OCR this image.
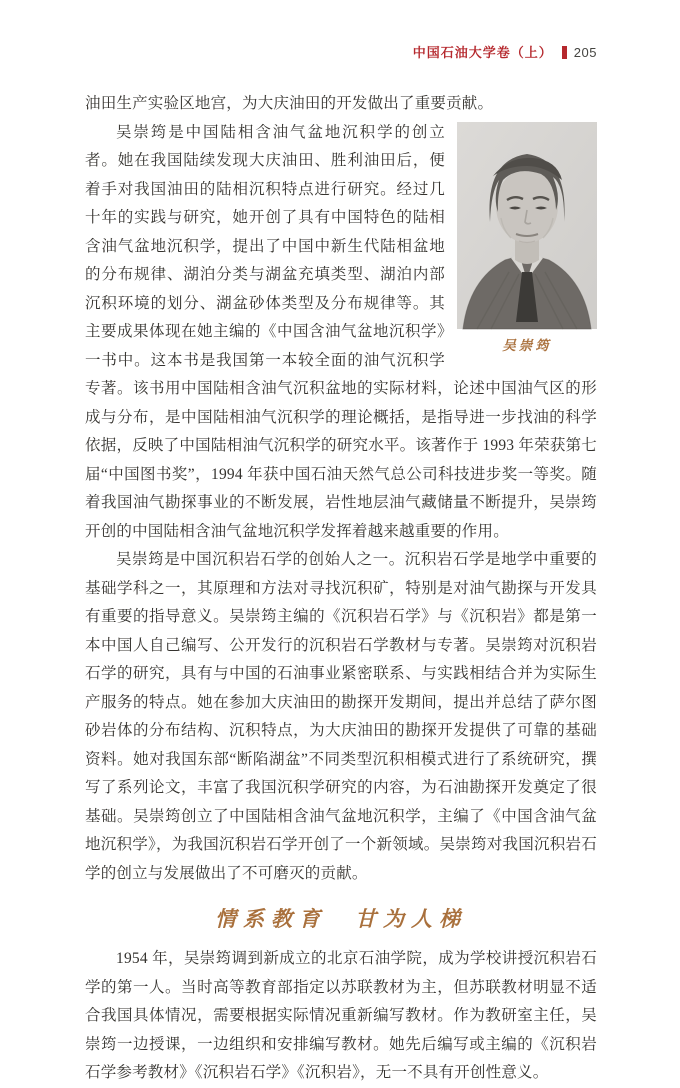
中国石油大学卷（上） 205

油田生产实验区地宫，为大庆油田的开发做出了重要贡献。

吴崇筠

吴崇筠是中国陆相含油气盆地沉积学的创立者。她在我国陆续发现大庆油田、胜利油田后，便着手对我国油田的陆相沉积特点进行研究。经过几十年的实践与研究，她开创了具有中国特色的陆相含油气盆地沉积学，提出了中国中新生代陆相盆地的分布规律、湖泊分类与湖盆充填类型、湖泊内部沉积环境的划分、湖盆砂体类型及分布规律等。其主要成果体现在她主编的《中国含油气盆地沉积学》一书中。这本书是我国第一本较全面的油气沉积学专著。该书用中国陆相含油气沉积盆地的实际材料，论述中国油气区的形成与分布，是中国陆相油气沉积学的理论概括，是指导进一步找油的科学依据，反映了中国陆相油气沉积学的研究水平。该著作于 1993 年荣获第七届“中国图书奖”，1994 年获中国石油天然气总公司科技进步奖一等奖。随着我国油气勘探事业的不断发展，岩性地层油气藏储量不断提升，吴崇筠开创的中国陆相含油气盆地沉积学发挥着越来越重要的作用。

吴崇筠是中国沉积岩石学的创始人之一。沉积岩石学是地学中重要的基础学科之一，其原理和方法对寻找沉积矿，特别是对油气勘探与开发具有重要的指导意义。吴崇筠主编的《沉积岩石学》与《沉积岩》都是第一本中国人自己编写、公开发行的沉积岩石学教材与专著。吴崇筠对沉积岩石学的研究，具有与中国的石油事业紧密联系、与实践相结合并为实际生产服务的特点。她在参加大庆油田的勘探开发期间，提出并总结了萨尔图砂岩体的分布结构、沉积特点，为大庆油田的勘探开发提供了可靠的基础资料。她对我国东部“断陷湖盆”不同类型沉积相模式进行了系统研究，撰写了系列论文，丰富了我国沉积学研究的内容，为石油勘探开发奠定了很基础。吴崇筠创立了中国陆相含油气盆地沉积学，主编了《中国含油气盆地沉积学》，为我国沉积岩石学开创了一个新领域。吴崇筠对我国沉积岩石学的创立与发展做出了不可磨灭的贡献。

情系教育　甘为人梯

1954 年，吴崇筠调到新成立的北京石油学院，成为学校讲授沉积岩石学的第一人。当时高等教育部指定以苏联教材为主，但苏联教材明显不适合我国具体情况，需要根据实际情况重新编写教材。作为教研室主任，吴崇筠一边授课，一边组织和安排编写教材。她先后编写或主编的《沉积岩石学参考教材》《沉积岩石学》《沉积岩》，无一不具有开创性意义。
